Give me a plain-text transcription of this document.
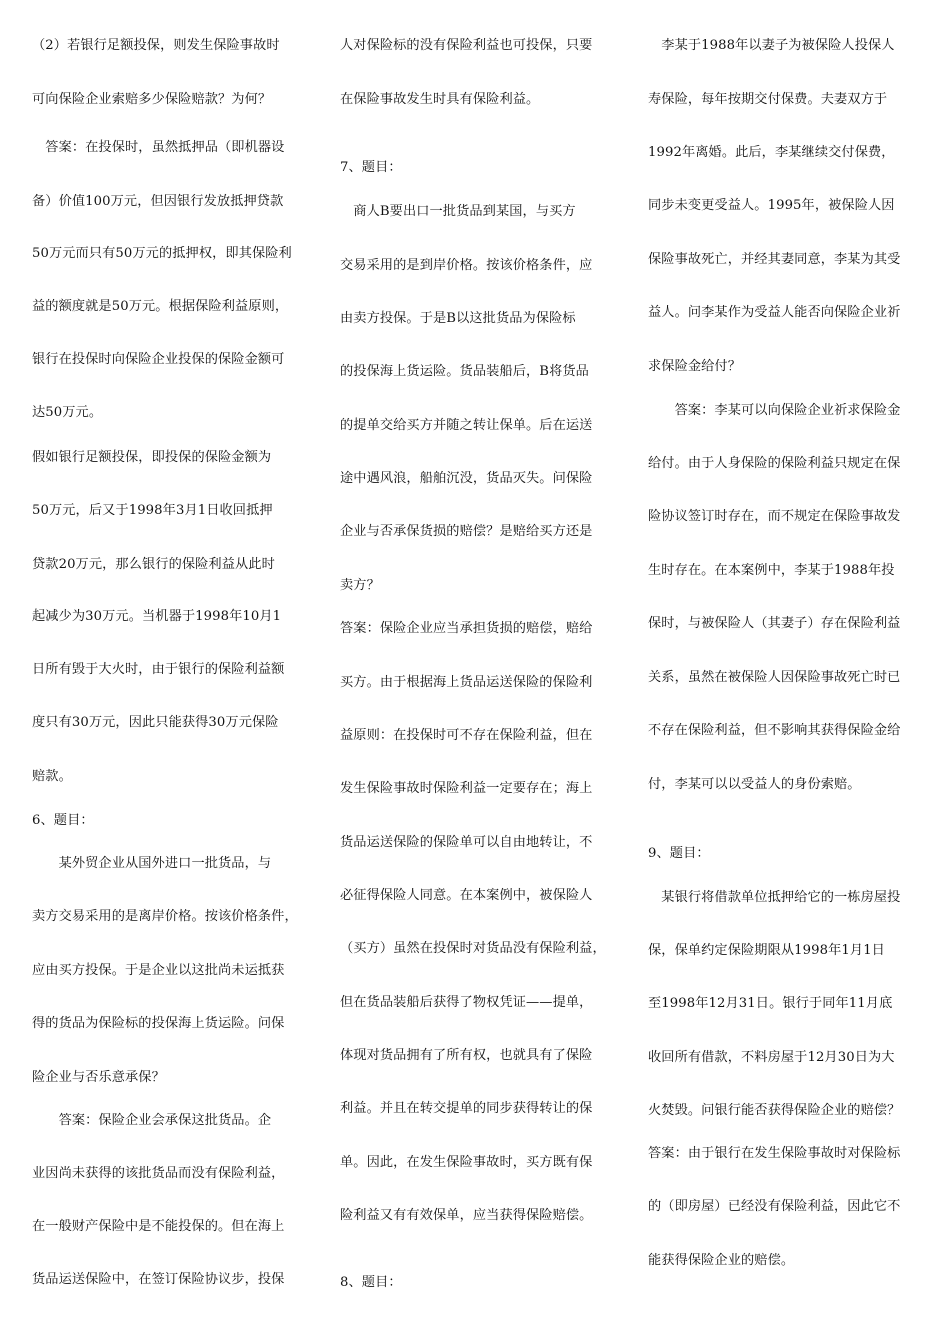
（2）若银行足额投保，则发生保险事故时
可向保险企业索赔多少保险赔款？为何？
　答案：在投保时，虽然抵押品（即机器设
备）价值100万元，但因银行发放抵押贷款
50万元而只有50万元的抵押权，即其保险利
益的额度就是50万元。根据保险利益原则，
银行在投保时向保险企业投保的保险金额可
达50万元。
假如银行足额投保，即投保的保险金额为
50万元，后又于1998年3月1日收回抵押
贷款20万元，那么银行的保险利益从此时
起减少为30万元。当机器于1998年10月1
日所有毁于大火时，由于银行的保险利益额
度只有30万元，因此只能获得30万元保险
赔款。
6、题目：
　　某外贸企业从国外进口一批货品，与
卖方交易采用的是离岸价格。按该价格条件，
应由买方投保。于是企业以这批尚未运抵获
得的货品为保险标的投保海上货运险。问保
险企业与否乐意承保？
　　答案：保险企业会承保这批货品。企
业因尚未获得的该批货品而没有保险利益，
在一般财产保险中是不能投保的。但在海上
货品运送保险中，在签订保险协议步，投保
人对保险标的没有保险利益也可投保，只要
在保险事故发生时具有保险利益。
7、题目：
　商人B要出口一批货品到某国，与买方
交易采用的是到岸价格。按该价格条件，应
由卖方投保。于是B以这批货品为保险标
的投保海上货运险。货品装船后，B将货品
的提单交给买方并随之转让保单。后在运送
途中遇风浪，船舶沉没，货品灭失。问保险
企业与否承保货损的赔偿？是赔给买方还是
卖方？
答案：保险企业应当承担货损的赔偿，赔给
买方。由于根据海上货品运送保险的保险利
益原则：在投保时可不存在保险利益，但在
发生保险事故时保险利益一定要存在；海上
货品运送保险的保险单可以自由地转让，不
必征得保险人同意。在本案例中，被保险人
（买方）虽然在投保时对货品没有保险利益，
但在货品装船后获得了物权凭证——提单，
体现对货品拥有了所有权，也就具有了保险
利益。并且在转交提单的同步获得转让的保
单。因此，在发生保险事故时，买方既有保
险利益又有有效保单，应当获得保险赔偿。
8、题目：
　李某于1988年以妻子为被保险人投保人
寿保险，每年按期交付保费。夫妻双方于
1992年离婚。此后，李某继续交付保费，
同步未变更受益人。1995年，被保险人因
保险事故死亡，并经其妻同意，李某为其受
益人。问李某作为受益人能否向保险企业祈
求保险金给付？
　　答案：李某可以向保险企业祈求保险金
给付。由于人身保险的保险利益只规定在保
险协议签订时存在，而不规定在保险事故发
生时存在。在本案例中，李某于1988年投
保时，与被保险人（其妻子）存在保险利益
关系，虽然在被保险人因保险事故死亡时已
不存在保险利益，但不影响其获得保险金给
付，李某可以以受益人的身份索赔。
9、题目：
　某银行将借款单位抵押给它的一栋房屋投
保，保单约定保险期限从1998年1月1日
至1998年12月31日。银行于同年11月底
收回所有借款，不料房屋于12月30日为大
火焚毁。问银行能否获得保险企业的赔偿？
答案：由于银行在发生保险事故时对保险标
的（即房屋）已经没有保险利益，因此它不
能获得保险企业的赔偿。
